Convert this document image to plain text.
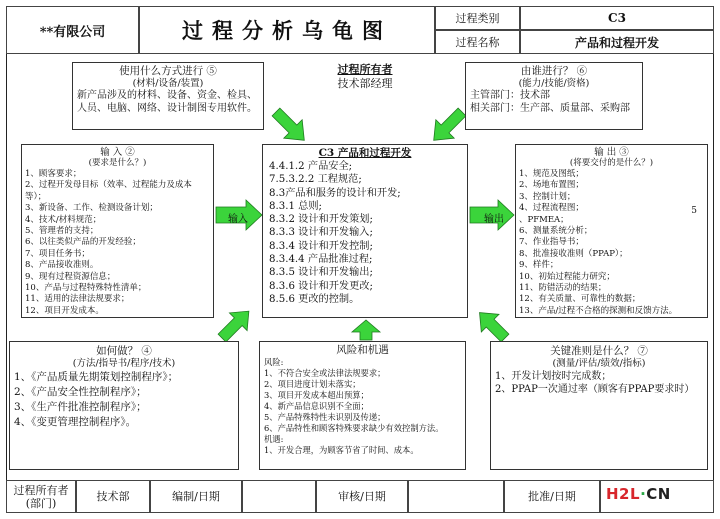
**有限公司	过程分析乌龟图	过程类别	C3
过程名称	产品和过程开发
使用什么方式进行 ⑤
(材料/设备/装置)
新产品涉及的材料、设备、资金、检具、人员、电脑、网络、设计制图专用软件。
过程所有者
技术部经理
由谁进行？ ⑥
(能力/技能/资格)
主管部门：技术部
相关部门：生产部、质量部、采购部
输 入 ②
(要求是什么？)
1、顾客要求；
2、过程开发母目标（效率、过程能力及成本等）；
3、新设备、工作、检测设备计划；
4、技术/材料规范；
5、管理者的支持；
6、以往类似产品的开发经验；
7、项目任务书；
8、产品接收准则。
9、现有过程资源信息；
10、产品与过程特殊特性清单；
11、适用的法律法规要求；
12、项目开发成本。
C3 产品和过程开发
4.4.1.2 产品安全;
7.5.3.2.2 工程规范;
8.3产品和服务的设计和开发;
8.3.1 总则;
8.3.2 设计和开发策划;
8.3.3 设计和开发输入;
8.3.4 设计和开发控制;
8.3.4.4 产品批准过程;
8.3.5 设计和开发输出;
8.3.6 设计和开发更改;
8.5.6 更改的控制。
输 出 ③
(将要交付的是什么？)
1、规范及图纸；
2、场地布置图；
3、控制计划；
4、过程流程图；
、PFMEA；
6、测量系统分析；
7、作业指导书；
8、批准接收准则（PPAP）；
9、样件；
10、初始过程能力研究；
11、防错活动的结果；
12、有关质量、可靠性的数据；
13、产品/过程不合格的探测和反馈方法。
5
如何做？ ④
(方法/指导书/程序/技术)
1、《产品质量先期策划控制程序》；
2、《产品安全性控制程序》；
3、《生产件批准控制程序》；
4、《变更管理控制程序》。
风险和机遇
风险:
1、不符合安全或法律法规要求；
2、项目进度计划未落实；
3、项目开发成本超出预算；
4、新产品信息识别不全面；
5、产品特殊特性未识别及传递；
6、产品特性和顾客特殊要求缺少有效控制方法。
机遇:
1、开发合理，为顾客节省了时间、成本。
关键准则是什么？ ⑦
(测量/评估/绩效/指标)
1、开发计划按时完成数；
2、PPAP一次通过率（顾客有PPAP要求时）
输入	输出
过程所有者(部门)	技术部	编制/日期	审核/日期	批准/日期	H2L·CN
